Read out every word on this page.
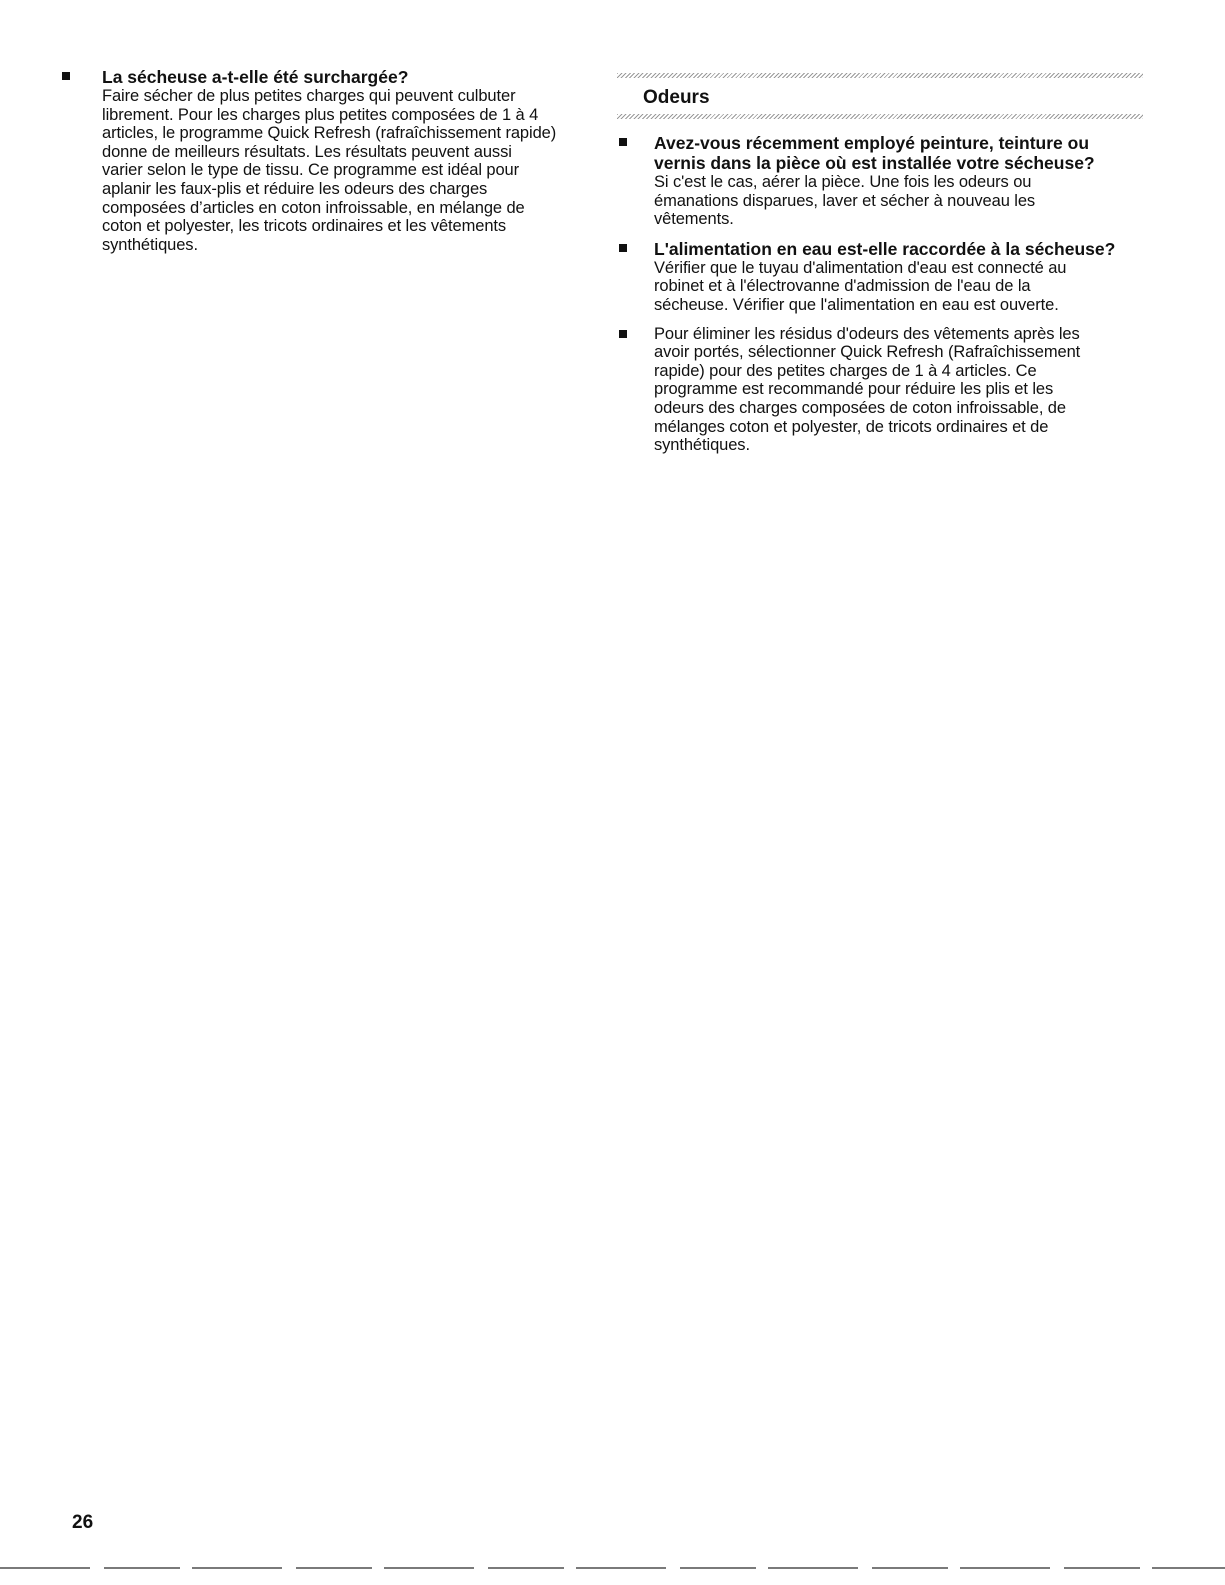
La sécheuse a-t-elle été surchargée?
Faire sécher de plus petites charges qui peuvent culbuter
librement. Pour les charges plus petites composées de 1 à 4
articles, le programme Quick Refresh (rafraîchissement rapide)
donne de meilleurs résultats. Les résultats peuvent aussi
varier selon le type de tissu. Ce programme est idéal pour
aplanir les faux-plis et réduire les odeurs des charges
composées d’articles en coton infroissable, en mélange de
coton et polyester, les tricots ordinaires et les vêtements
synthétiques.
Odeurs
Avez-vous récemment employé peinture, teinture ou
vernis dans la pièce où est installée votre sécheuse?
Si c'est le cas, aérer la pièce. Une fois les odeurs ou
émanations disparues, laver et sécher à nouveau les
vêtements.
L'alimentation en eau est-elle raccordée à la sécheuse?
Vérifier que le tuyau d'alimentation d'eau est connecté au
robinet et à l'électrovanne d'admission de l'eau de la
sécheuse. Vérifier que l'alimentation en eau est ouverte.
Pour éliminer les résidus d'odeurs des vêtements après les
avoir portés, sélectionner Quick Refresh (Rafraîchissement
rapide) pour des petites charges de 1 à 4 articles. Ce
programme est recommandé pour réduire les plis et les
odeurs des charges composées de coton infroissable, de
mélanges coton et polyester, de tricots ordinaires et de
synthétiques.
26
